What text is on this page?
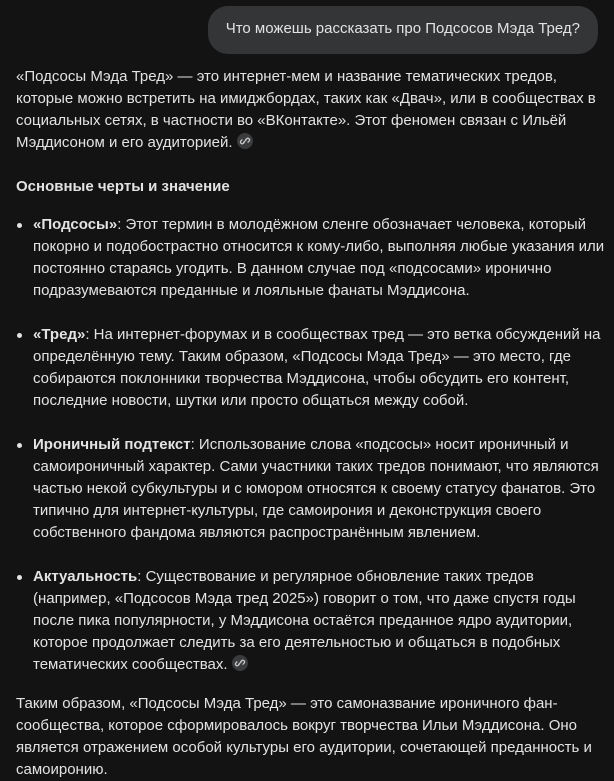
Что можешь рассказать про Подсосов Мэда Тред?

«Подсосы Мэда Тред» — это интернет-мем и название тематических тредов, которые можно встретить на имиджбордах, таких как «Двач», или в сообществах в социальных сетях, в частности во «ВКонтакте». Этот феномен связан с Ильёй Мэддисоном и его аудиторией.

Основные черты и значение

«Подсосы»: Этот термин в молодёжном сленге обозначает человека, который покорно и подобострастно относится к кому-либо, выполняя любые указания или постоянно стараясь угодить. В данном случае под «подсосами» иронично подразумеваются преданные и лояльные фанаты Мэддисона.
«Тред»: На интернет-форумах и в сообществах тред — это ветка обсуждений на определённую тему. Таким образом, «Подсосы Мэда Тред» — это место, где собираются поклонники творчества Мэддисона, чтобы обсудить его контент, последние новости, шутки или просто общаться между собой.
Ироничный подтекст: Использование слова «подсосы» носит ироничный и самоироничный характер. Сами участники таких тредов понимают, что являются частью некой субкультуры и с юмором относятся к своему статусу фанатов. Это типично для интернет-культуры, где самоирония и деконструкция своего собственного фандома являются распространённым явлением.
Актуальность: Существование и регулярное обновление таких тредов (например, «Подсосов Мэда тред 2025») говорит о том, что даже спустя годы после пика популярности, у Мэддисона остаётся преданное ядро аудитории, которое продолжает следить за его деятельностью и общаться в подобных тематических сообществах.

Таким образом, «Подсосы Мэда Тред» — это самоназвание ироничного фан-сообщества, которое сформировалось вокруг творчества Ильи Мэддисона. Оно является отражением особой культуры его аудитории, сочетающей преданность и самоиронию.
